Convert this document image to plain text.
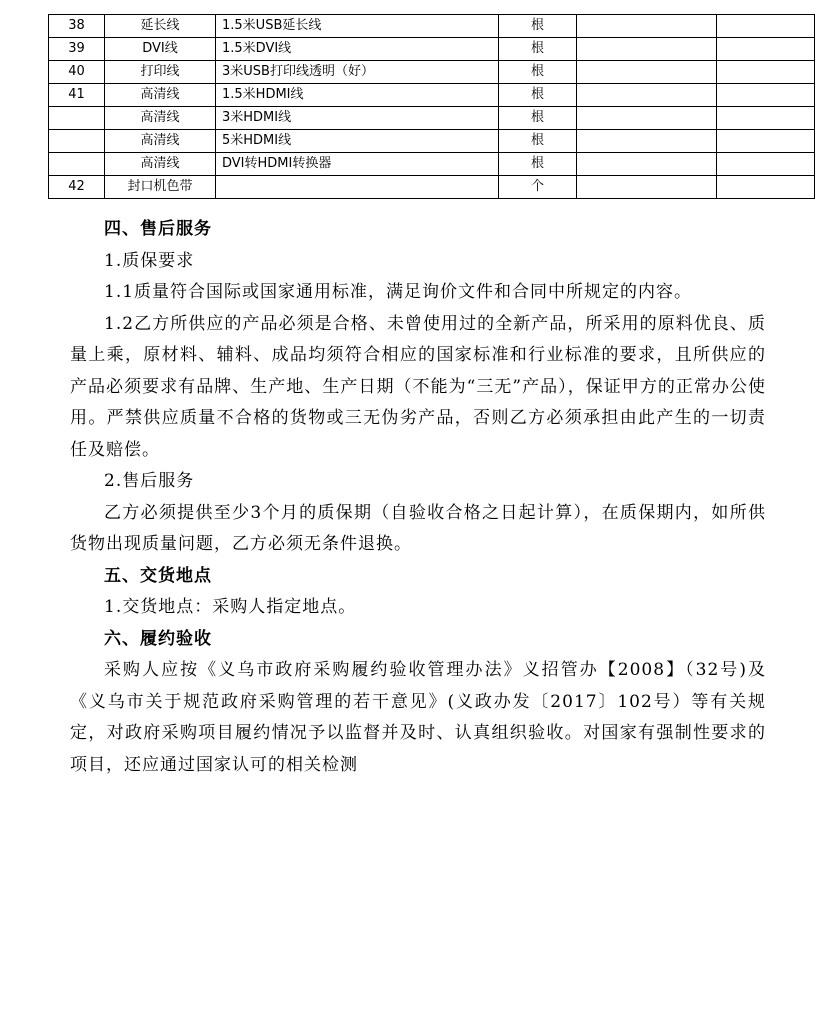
38	延长线	1.5米USB延长线	根		
39	DVI线	1.5米DVI线	根		
40	打印线	3米USB打印线透明（好）	根		
41	高清线	1.5米HDMI线	根		
	高清线	3米HDMI线	根		
	高清线	5米HDMI线	根		
	高清线	DVI转HDMI转换器	根		
42	封口机色带		个		

四、售后服务

1.质保要求

1.1质量符合国际或国家通用标准，满足询价文件和合同中所规定的内容。

1.2乙方所供应的产品必须是合格、未曾使用过的全新产品，所采用的原料优良、质量上乘，原材料、辅料、成品均须符合相应的国家标准和行业标准的要求，且所供应的产品必须要求有品牌、生产地、生产日期（不能为“三无”产品），保证甲方的正常办公使用。严禁供应质量不合格的货物或三无伪劣产品，否则乙方必须承担由此产生的一切责任及赔偿。

2.售后服务

乙方必须提供至少3个月的质保期（自验收合格之日起计算），在质保期内，如所供货物出现质量问题，乙方必须无条件退换。

五、交货地点

1.交货地点：采购人指定地点。

六、履约验收

采购人应按《义乌市政府采购履约验收管理办法》义招管办【2008】（32号)及《义乌市关于规范政府采购管理的若干意见》(义政办发〔2017〕102号）等有关规定，对政府采购项目履约情况予以监督并及时、认真组织验收。对国家有强制性要求的项目，还应通过国家认可的相关检测
